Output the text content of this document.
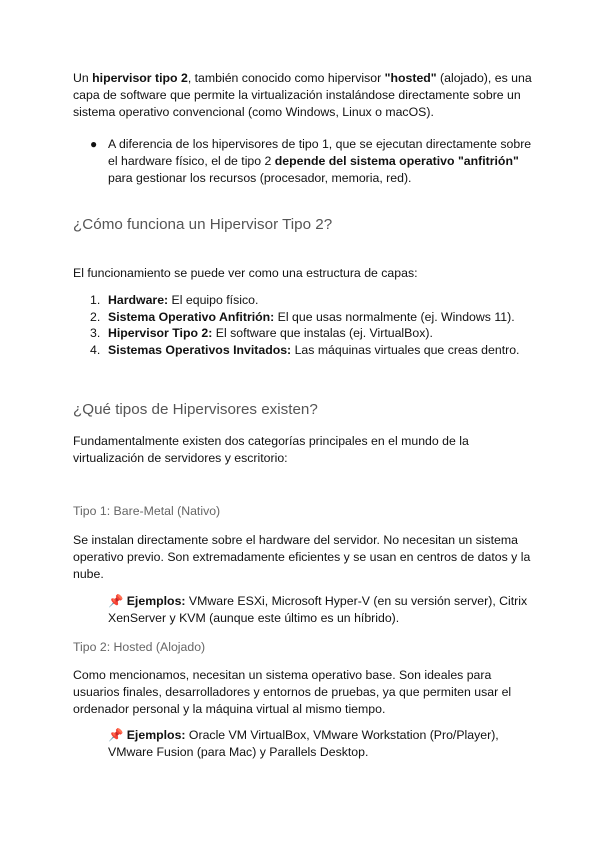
Un hipervisor tipo 2, también conocido como hipervisor "hosted" (alojado), es una capa de software que permite la virtualización instalándose directamente sobre un sistema operativo convencional (como Windows, Linux o macOS).

● A diferencia de los hipervisores de tipo 1, que se ejecutan directamente sobre el hardware físico, el de tipo 2 depende del sistema operativo "anfitrión" para gestionar los recursos (procesador, memoria, red).
¿Cómo funciona un Hipervisor Tipo 2?

El funcionamiento se puede ver como una estructura de capas:

1. Hardware: El equipo físico.
2. Sistema Operativo Anfitrión: El que usas normalmente (ej. Windows 11).
3. Hipervisor Tipo 2: El software que instalas (ej. VirtualBox).
4. Sistemas Operativos Invitados: Las máquinas virtuales que creas dentro.
¿Qué tipos de Hipervisores existen?

Fundamentalmente existen dos categorías principales en el mundo de la virtualización de servidores y escritorio:

Tipo 1: Bare-Metal (Nativo)

Se instalan directamente sobre el hardware del servidor. No necesitan un sistema operativo previo. Son extremadamente eficientes y se usan en centros de datos y la nube.

📌 Ejemplos: VMware ESXi, Microsoft Hyper-V (en su versión server), Citrix XenServer y KVM (aunque este último es un híbrido).
Tipo 2: Hosted (Alojado)

Como mencionamos, necesitan un sistema operativo base. Son ideales para usuarios finales, desarrolladores y entornos de pruebas, ya que permiten usar el ordenador personal y la máquina virtual al mismo tiempo.

📌 Ejemplos: Oracle VM VirtualBox, VMware Workstation (Pro/Player), VMware Fusion (para Mac) y Parallels Desktop.
